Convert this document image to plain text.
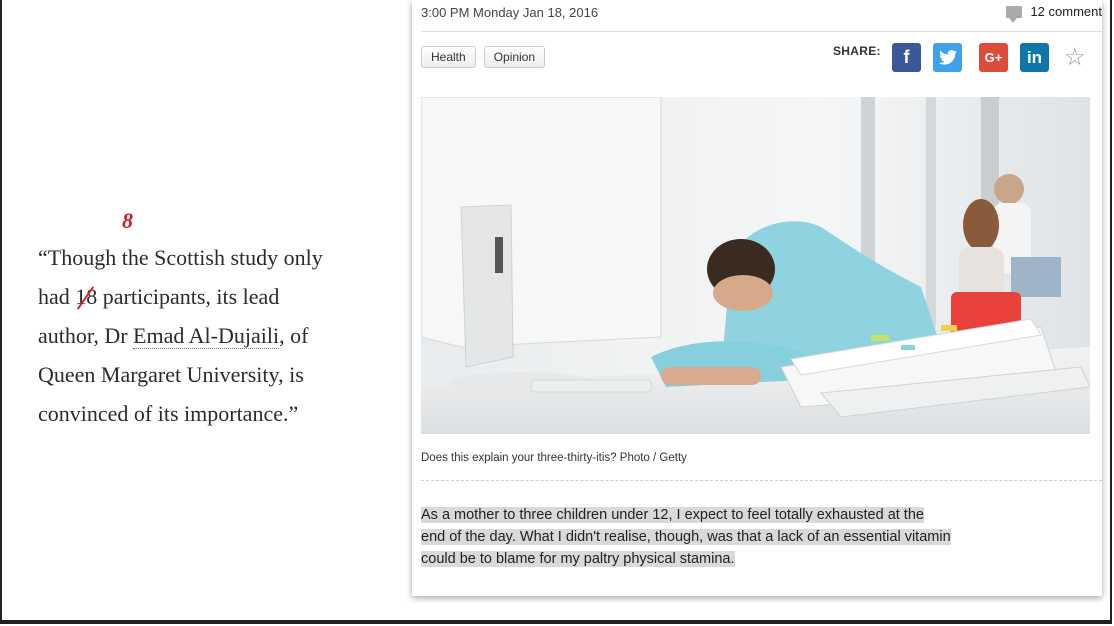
8
“Though the Scottish study only
had 18 participants, its lead
author, Dr Emad Al-Dujaili, of
Queen Margaret University, is
convinced of its importance.”
3:00 PM Monday Jan 18, 2016	12 comment
Health	Opinion	SHARE: f	G+ in ☆
Does this explain your three-thirty-itis? Photo / Getty
As a mother to three children under 12, I expect to feel totally exhausted at the
end of the day. What I didn't realise, though, was that a lack of an essential vitamin
could be to blame for my paltry physical stamina.
